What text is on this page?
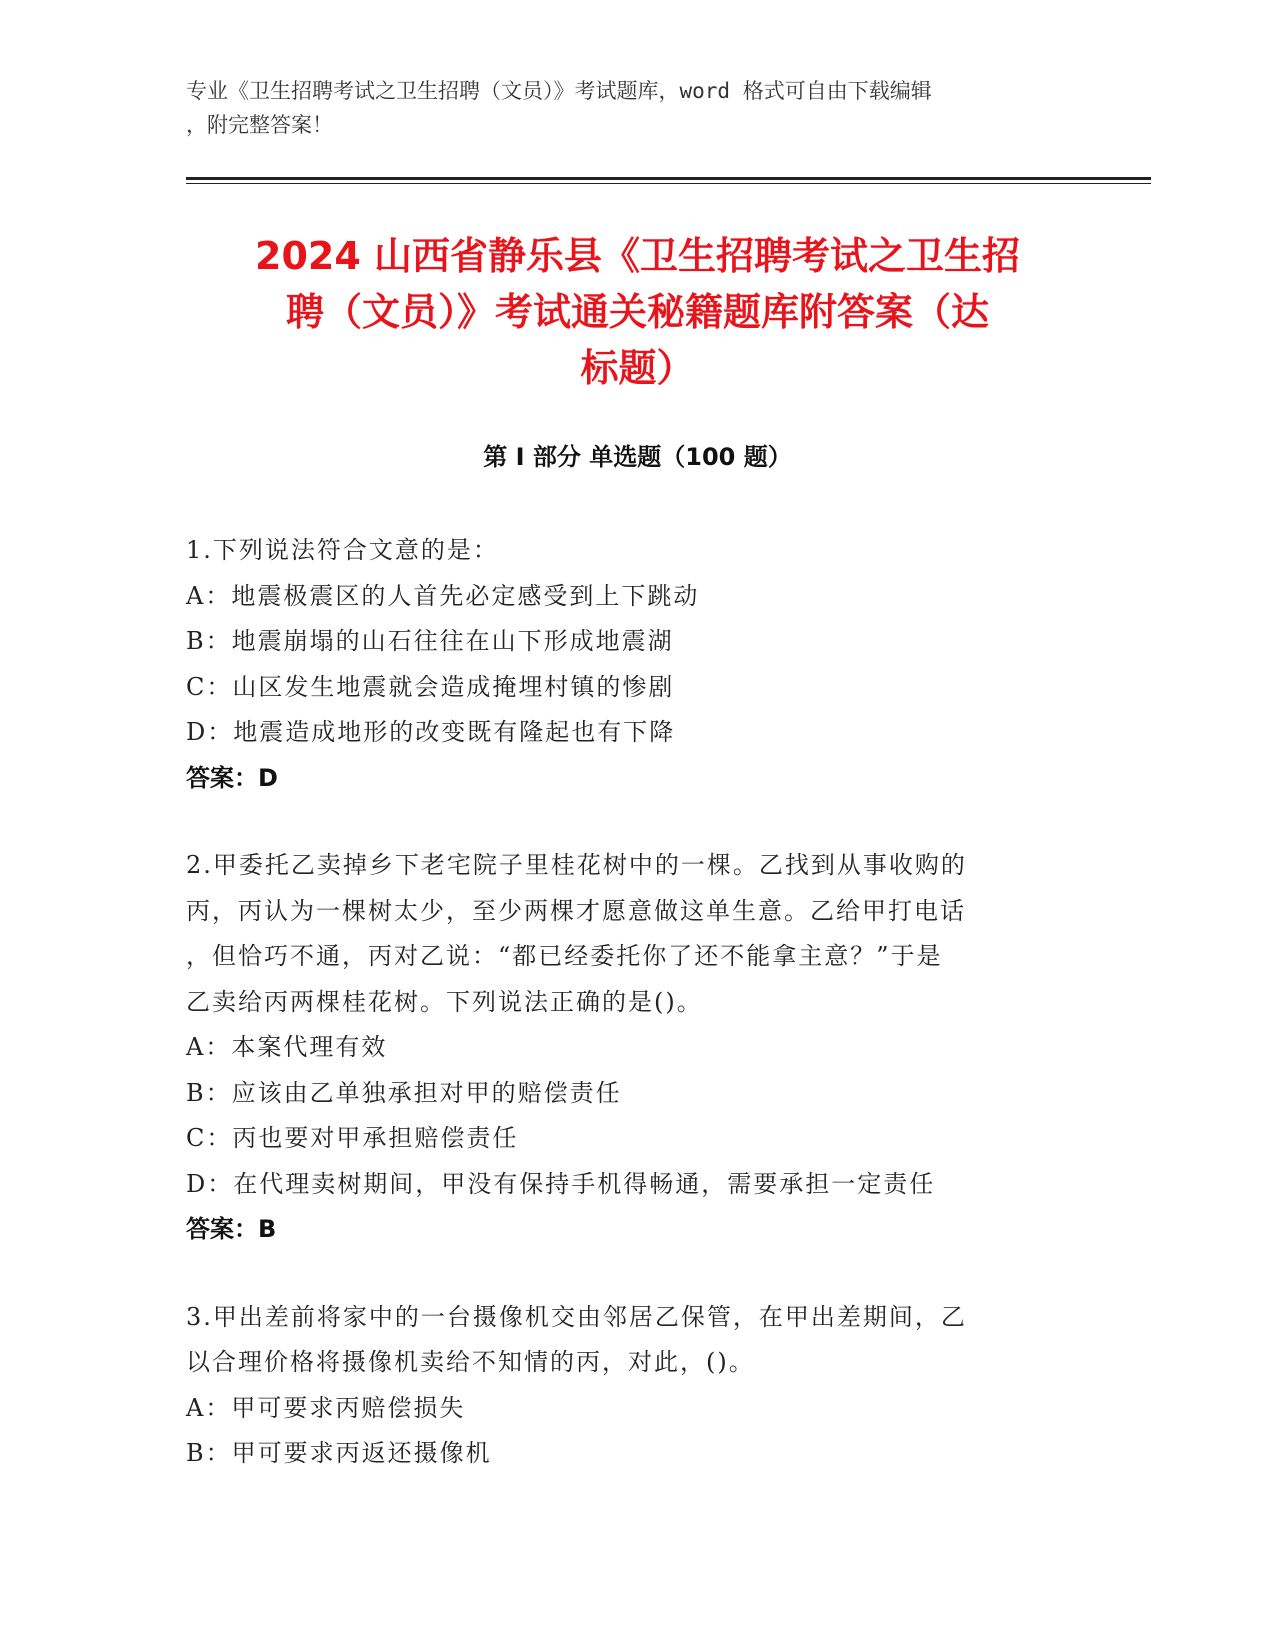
专业《卫生招聘考试之卫生招聘（文员）》考试题库，word 格式可自由下载编辑
，附完整答案！
2024 山西省静乐县《卫生招聘考试之卫生招
聘（文员）》考试通关秘籍题库附答案（达
标题）
第 I 部分 单选题（100 题）
1.下列说法符合文意的是：
A：地震极震区的人首先必定感受到上下跳动
B：地震崩塌的山石往往在山下形成地震湖
C：山区发生地震就会造成掩埋村镇的惨剧
D：地震造成地形的改变既有隆起也有下降
答案：D
2.甲委托乙卖掉乡下老宅院子里桂花树中的一棵。乙找到从事收购的
丙，丙认为一棵树太少，至少两棵才愿意做这单生意。乙给甲打电话
，但恰巧不通，丙对乙说：“都已经委托你了还不能拿主意？”于是
乙卖给丙两棵桂花树。下列说法正确的是()。
A：本案代理有效
B：应该由乙单独承担对甲的赔偿责任
C：丙也要对甲承担赔偿责任
D：在代理卖树期间，甲没有保持手机得畅通，需要承担一定责任
答案：B
3.甲出差前将家中的一台摄像机交由邻居乙保管，在甲出差期间，乙
以合理价格将摄像机卖给不知情的丙，对此，()。
A：甲可要求丙赔偿损失
B：甲可要求丙返还摄像机
